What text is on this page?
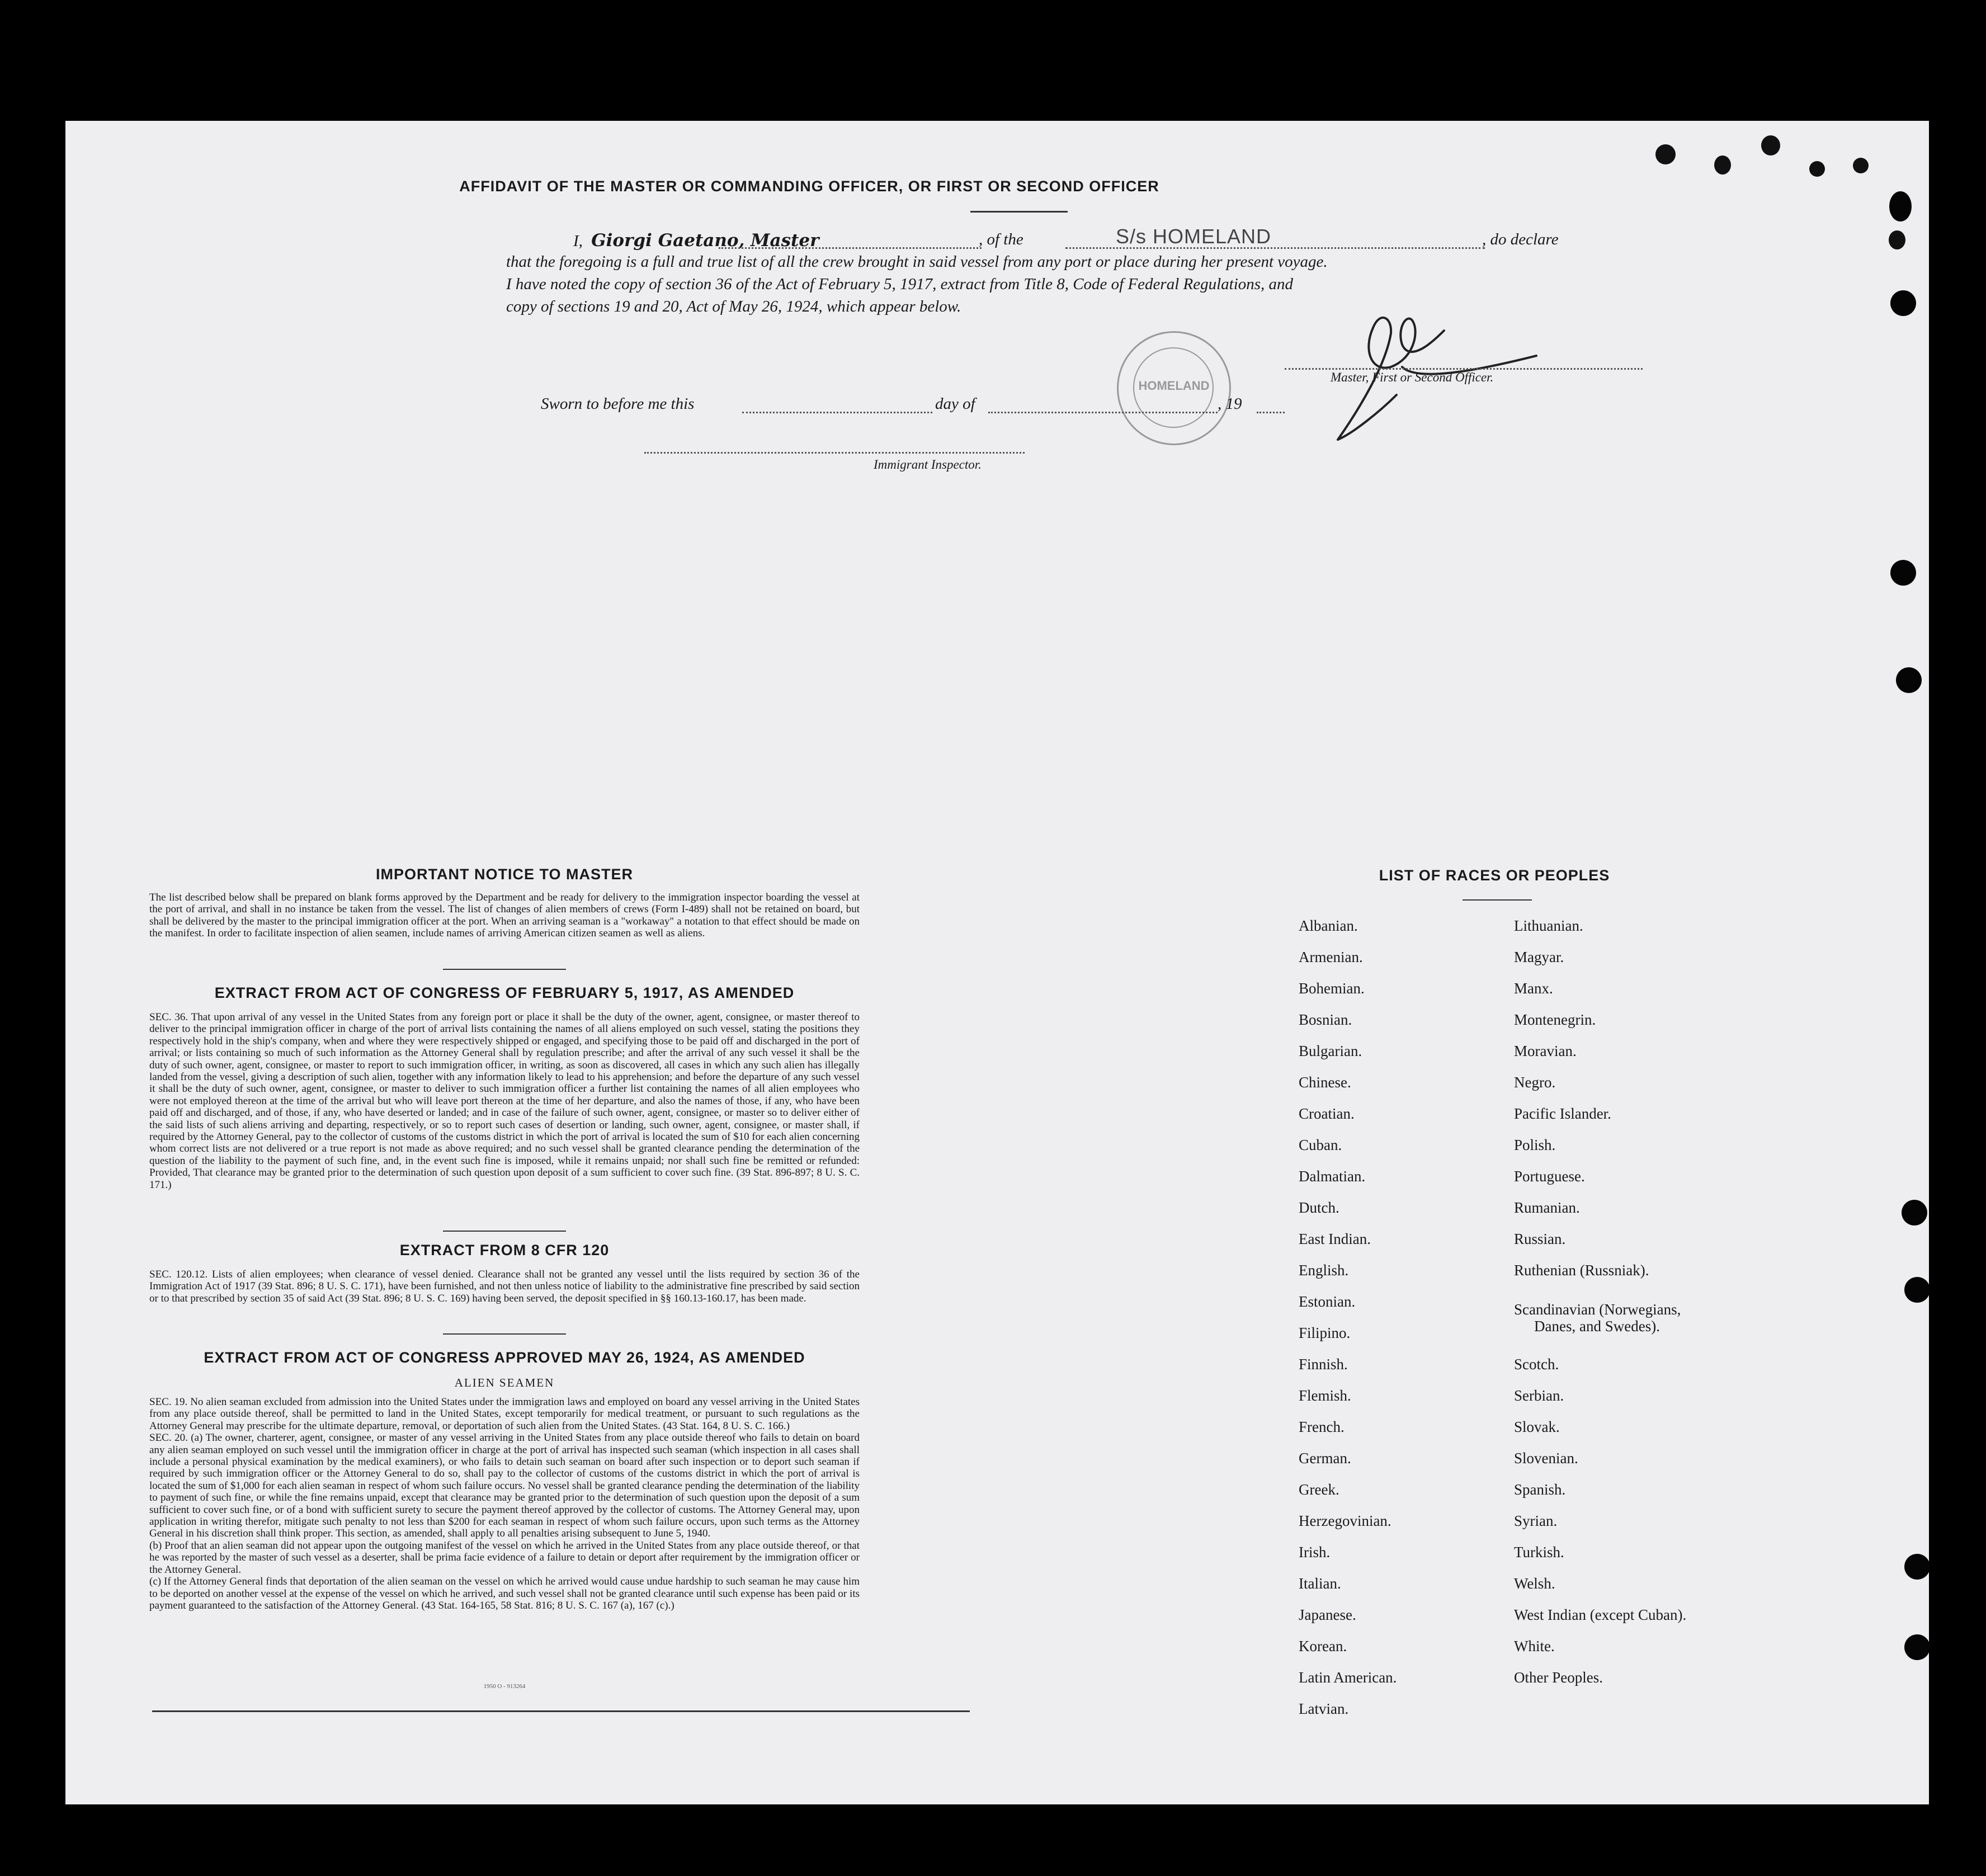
AFFIDAVIT OF THE MASTER OR COMMANDING OFFICER, OR FIRST OR SECOND OFFICER
I, Giorgi Gaetano, Master	, of the	S/s HOMELAND	, do declare
that the foregoing is a full and true list of all the crew brought in said vessel from any port or place during her present voyage.
I have noted the copy of section 36 of the Act of February 5, 1917, extract from Title 8, Code of Federal Regulations, and
copy of sections 19 and 20, Act of May 26, 1924, which appear below.
HOMELAND
Master, First or Second Officer.
Sworn to before me this	day of	, 19
Immigrant Inspector.
IMPORTANT NOTICE TO MASTER
The list described below shall be prepared on blank forms approved by the Department and be ready for delivery to the immigration inspector boarding the vessel at the port of arrival, and shall in no instance be taken from the vessel. The list of changes of alien members of crews (Form I-489) shall not be retained on board, but shall be delivered by the master to the principal immigration officer at the port. When an arriving seaman is a "workaway" a notation to that effect should be made on the manifest. In order to facilitate inspection of alien seamen, include names of arriving American citizen seamen as well as aliens.
EXTRACT FROM ACT OF CONGRESS OF FEBRUARY 5, 1917, AS AMENDED
SEC. 36. That upon arrival of any vessel in the United States from any foreign port or place it shall be the duty of the owner, agent, consignee, or master thereof to deliver to the principal immigration officer in charge of the port of arrival lists containing the names of all aliens employed on such vessel, stating the positions they respectively hold in the ship's company, when and where they were respectively shipped or engaged, and specifying those to be paid off and discharged in the port of arrival; or lists containing so much of such information as the Attorney General shall by regulation prescribe; and after the arrival of any such vessel it shall be the duty of such owner, agent, consignee, or master to report to such immigration officer, in writing, as soon as discovered, all cases in which any such alien has illegally landed from the vessel, giving a description of such alien, together with any information likely to lead to his apprehension; and before the departure of any such vessel it shall be the duty of such owner, agent, consignee, or master to deliver to such immigration officer a further list containing the names of all alien employees who were not employed thereon at the time of the arrival but who will leave port thereon at the time of her departure, and also the names of those, if any, who have been paid off and discharged, and of those, if any, who have deserted or landed; and in case of the failure of such owner, agent, consignee, or master so to deliver either of the said lists of such aliens arriving and departing, respectively, or so to report such cases of desertion or landing, such owner, agent, consignee, or master shall, if required by the Attorney General, pay to the collector of customs of the customs district in which the port of arrival is located the sum of $10 for each alien concerning whom correct lists are not delivered or a true report is not made as above required; and no such vessel shall be granted clearance pending the determination of the question of the liability to the payment of such fine, and, in the event such fine is imposed, while it remains unpaid; nor shall such fine be remitted or refunded: Provided, That clearance may be granted prior to the determination of such question upon deposit of a sum sufficient to cover such fine. (39 Stat. 896-897; 8 U. S. C. 171.)
EXTRACT FROM 8 CFR 120
SEC. 120.12. Lists of alien employees; when clearance of vessel denied. Clearance shall not be granted any vessel until the lists required by section 36 of the Immigration Act of 1917 (39 Stat. 896; 8 U. S. C. 171), have been furnished, and not then unless notice of liability to the administrative fine prescribed by said section or to that prescribed by section 35 of said Act (39 Stat. 896; 8 U. S. C. 169) having been served, the deposit specified in §§ 160.13-160.17, has been made.
EXTRACT FROM ACT OF CONGRESS APPROVED MAY 26, 1924, AS AMENDED
ALIEN SEAMEN
SEC. 19. No alien seaman excluded from admission into the United States under the immigration laws and employed on board any vessel arriving in the United States from any place outside thereof, shall be permitted to land in the United States, except temporarily for medical treatment, or pursuant to such regulations as the Attorney General may prescribe for the ultimate departure, removal, or deportation of such alien from the United States. (43 Stat. 164, 8 U. S. C. 166.)
SEC. 20. (a) The owner, charterer, agent, consignee, or master of any vessel arriving in the United States from any place outside thereof who fails to detain on board any alien seaman employed on such vessel until the immigration officer in charge at the port of arrival has inspected such seaman (which inspection in all cases shall include a personal physical examination by the medical examiners), or who fails to detain such seaman on board after such inspection or to deport such seaman if required by such immigration officer or the Attorney General to do so, shall pay to the collector of customs of the customs district in which the port of arrival is located the sum of $1,000 for each alien seaman in respect of whom such failure occurs. No vessel shall be granted clearance pending the determination of the liability to payment of such fine, or while the fine remains unpaid, except that clearance may be granted prior to the determination of such question upon the deposit of a sum sufficient to cover such fine, or of a bond with sufficient surety to secure the payment thereof approved by the collector of customs. The Attorney General may, upon application in writing therefor, mitigate such penalty to not less than $200 for each seaman in respect of whom such failure occurs, upon such terms as the Attorney General in his discretion shall think proper. This section, as amended, shall apply to all penalties arising subsequent to June 5, 1940.
(b) Proof that an alien seaman did not appear upon the outgoing manifest of the vessel on which he arrived in the United States from any place outside thereof, or that he was reported by the master of such vessel as a deserter, shall be prima facie evidence of a failure to detain or deport after requirement by the immigration officer or the Attorney General.
(c) If the Attorney General finds that deportation of the alien seaman on the vessel on which he arrived would cause undue hardship to such seaman he may cause him to be deported on another vessel at the expense of the vessel on which he arrived, and such vessel shall not be granted clearance until such expense has been paid or its payment guaranteed to the satisfaction of the Attorney General. (43 Stat. 164-165, 58 Stat. 816; 8 U. S. C. 167 (a), 167 (c).)
1950 O - 913264
LIST OF RACES OR PEOPLES
Albanian.
Armenian.
Bohemian.
Bosnian.
Bulgarian.
Chinese.
Croatian.
Cuban.
Dalmatian.
Dutch.
East Indian.
English.
Estonian.
Filipino.
Finnish.
Flemish.
French.
German.
Greek.
Herzegovinian.
Irish.
Italian.
Japanese.
Korean.
Latin American.
Latvian.
Lithuanian.
Magyar.
Manx.
Montenegrin.
Moravian.
Negro.
Pacific Islander.
Polish.
Portuguese.
Rumanian.
Russian.
Ruthenian (Russniak).
Scandinavian (Norwegians,
Danes, and Swedes).
Scotch.
Serbian.
Slovak.
Slovenian.
Spanish.
Syrian.
Turkish.
Welsh.
West Indian (except Cuban).
White.
Other Peoples.
